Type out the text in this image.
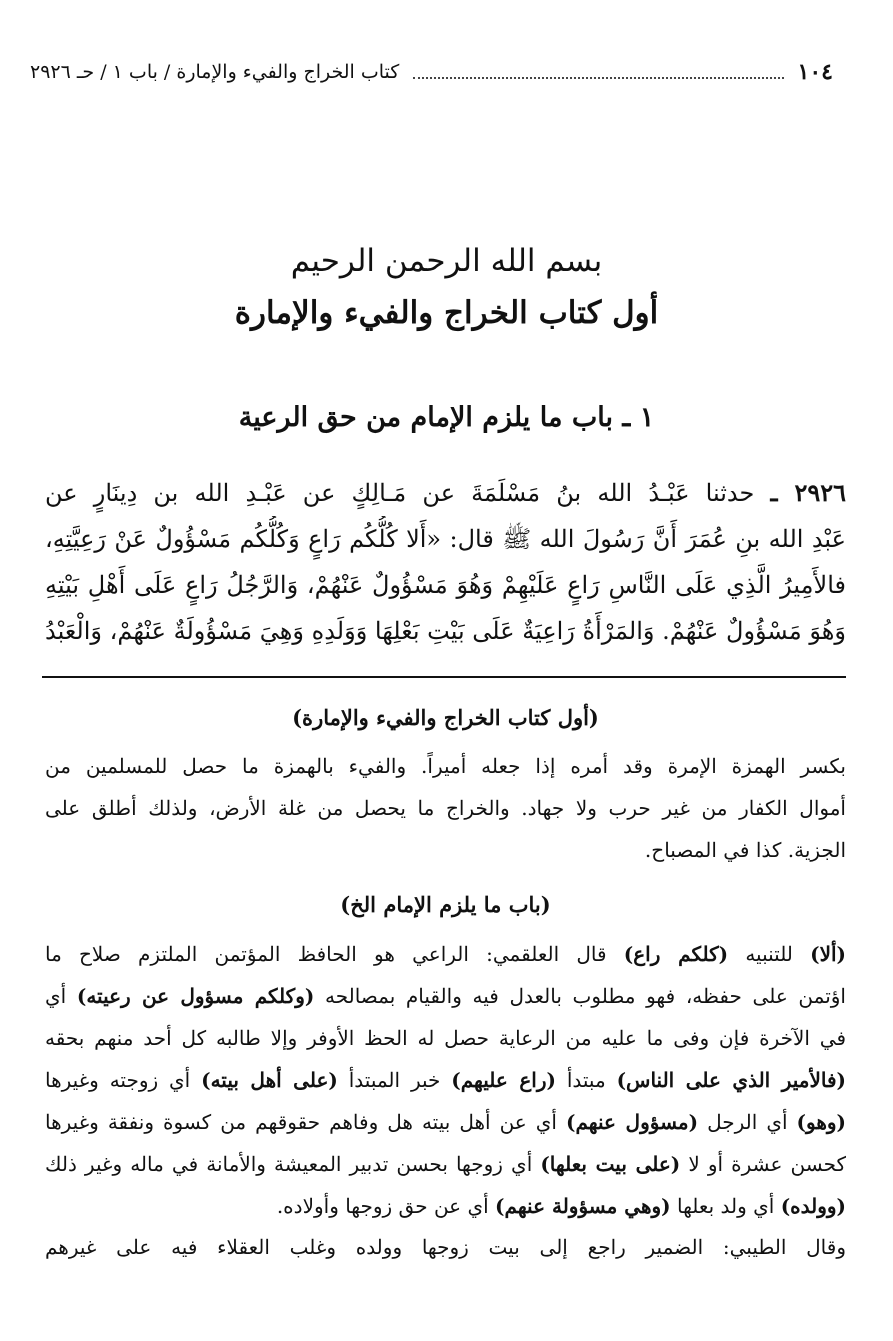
١٠٤
كتاب الخراج والفيء والإمارة / باب ١ / حـ ٢٩٢٦
بسم الله الرحمن الرحيم
أول كتاب الخراج والفيء والإمارة
١ ـ باب ما يلزم الإمام من حق الرعية
٢٩٢٦ ـ حدثنا عَبْـدُ الله بنُ مَسْلَمَةَ عن مَـالِكٍ عن عَبْـدِ الله بن دِينَارٍ عن
عَبْدِ الله بنِ عُمَرَ أَنَّ رَسُولَ الله ﷺ قال: «أَلا كُلُّكُم رَاعٍ وَكُلُّكُم مَسْؤُولٌ عَنْ رَعِيَّتِهِ،
فالأَمِيرُ الَّذِي عَلَى النَّاسِ رَاعٍ عَلَيْهِمْ وَهُوَ مَسْؤُولٌ عَنْهُمْ، وَالرَّجُلُ رَاعٍ عَلَى أَهْلِ بَيْتِهِ
وَهُوَ مَسْؤُولٌ عَنْهُمْ. وَالمَرْأَةُ رَاعِيَةٌ عَلَى بَيْتِ بَعْلِهَا وَوَلَدِهِ وَهِيَ مَسْؤُولَةٌ عَنْهُمْ، وَالْعَبْدُ
(أول كتاب الخراج والفيء والإمارة)
بكسر الهمزة الإمرة وقد أمره إذا جعله أميراً. والفيء بالهمزة ما حصل للمسلمين من
أموال الكفار من غير حرب ولا جهاد. والخراج ما يحصل من غلة الأرض، ولذلك أطلق على
الجزية. كذا في المصباح.
(باب ما يلزم الإمام الخ)
(ألا) للتنبيه (كلكم راع) قال العلقمي: الراعي هو الحافظ المؤتمن الملتزم صلاح ما
اؤتمن على حفظه، فهو مطلوب بالعدل فيه والقيام بمصالحه (وكلكم مسؤول عن رعيته) أي
في الآخرة فإن وفى ما عليه من الرعاية حصل له الحظ الأوفر وإلا طالبه كل أحد منهم بحقه
(فالأمير الذي على الناس) مبتدأ (راع عليهم) خبر المبتدأ (على أهل بيته) أي زوجته وغيرها
(وهو) أي الرجل (مسؤول عنهم) أي عن أهل بيته هل وفاهم حقوقهم من كسوة ونفقة وغيرها
كحسن عشرة أو لا (على بيت بعلها) أي زوجها بحسن تدبير المعيشة والأمانة في ماله وغير ذلك
(وولده) أي ولد بعلها (وهي مسؤولة عنهم) أي عن حق زوجها وأولاده.
وقال الطيبي: الضمير راجع إلى بيت زوجها وولده وغلب العقلاء فيه على غيرهم
